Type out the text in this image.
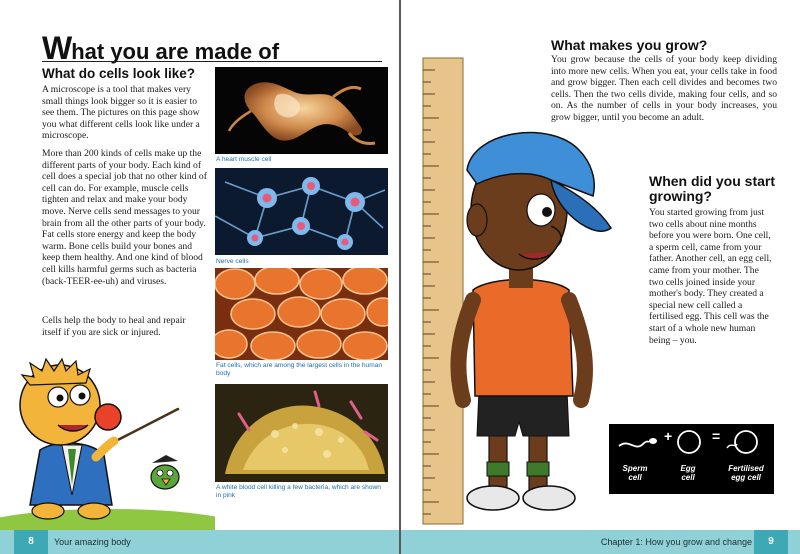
What you are made of
What do cells look like?

A microscope is a tool that makes very small things look bigger so it is easier to see them. The pictures on this page show you what different cells look like under a microscope.

More than 200 kinds of cells make up the different parts of your body. Each kind of cell does a special job that no other kind of cell can do. For example, muscle cells tighten and relax and make your body move. Nerve cells send messages to your brain from all the other parts of your body. Fat cells store energy and keep the body warm. Bone cells build your bones and keep them healthy. And one kind of blood cell kills harmful germs such as bacteria (back-TEER-ee-uh) and viruses.

Cells help the body to heal and repair itself if you are sick or injured.

A heart muscle cell
Nerve cells
Fat cells, which are among the largest cells in the human body
A white blood cell killing a few bacteria, which are shown in pink
8	Your amazing body
What makes you grow?

You grow because the cells of your body keep dividing into more new cells. When you eat, your cells take in food and grow bigger. Then each cell divides and becomes two cells. Then the two cells divide, making four cells, and so on. As the number of cells in your body increases, you grow bigger, until you become an adult.

When did you start growing?

You started growing from just two cells about nine months before you were born. One cell, a sperm cell, came from your father. Another cell, an egg cell, came from your mother. The two cells joined inside your mother's body. They created a special new cell called a fertilised egg. This cell was the start of a whole new human being – you.

+	=
Sperm cell
Egg cell
Fertilised egg cell
Chapter 1: How you grow and change	9
